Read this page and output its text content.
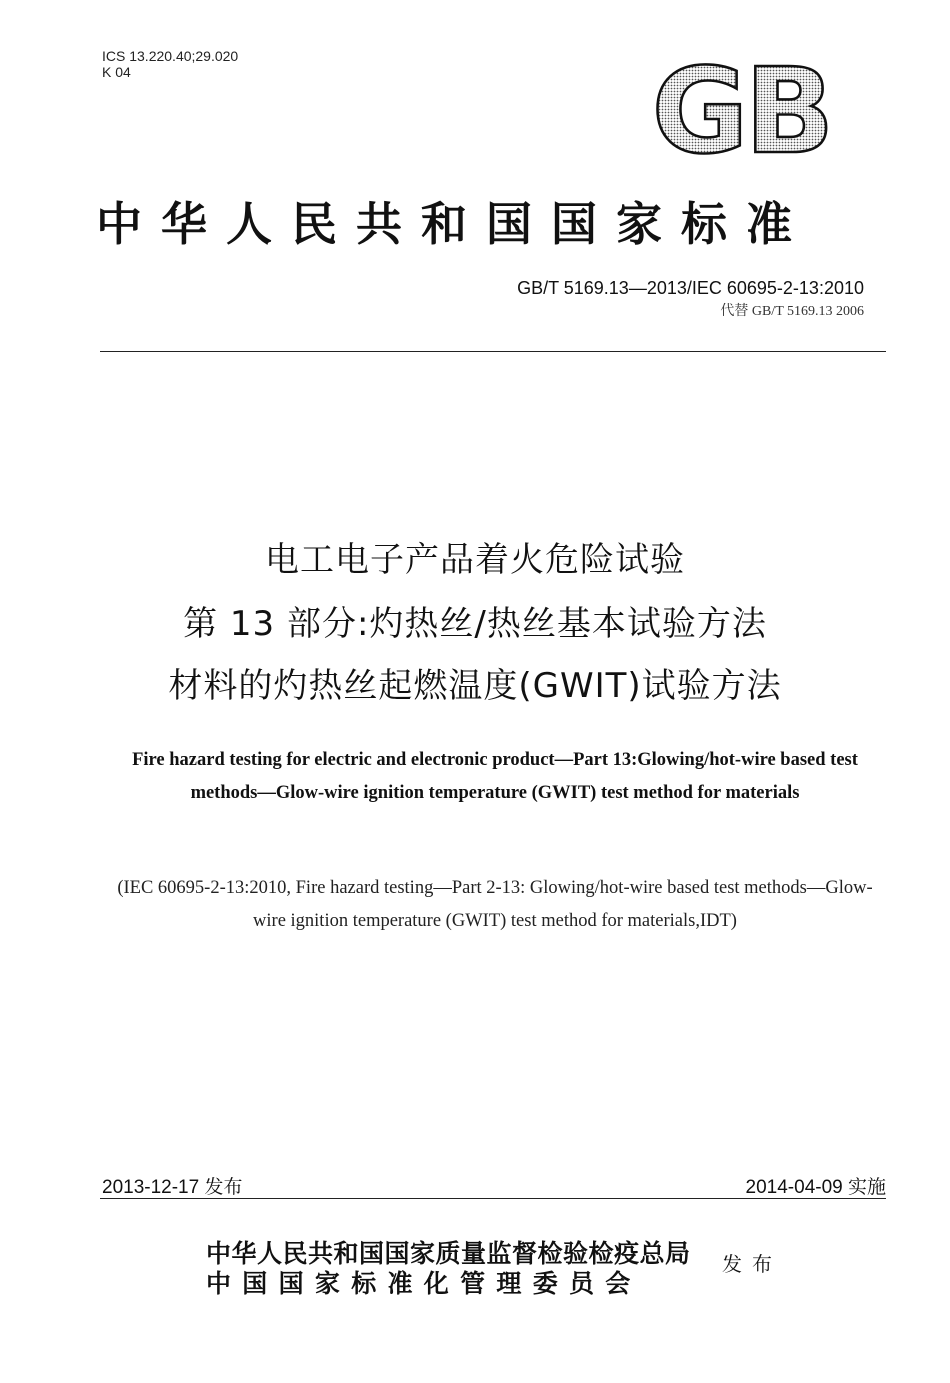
ICS 13.220.40;29.020
K 04	GB
中华人民共和国国家标准
GB/T 5169.13—2013/IEC 60695-2-13:2010
代替 GB/T 5169.13 2006
电工电子产品着火危险试验
第 13 部分:灼热丝/热丝基本试验方法
材料的灼热丝起燃温度(GWIT)试验方法
Fire hazard testing for electric and electronic product—Part 13:Glowing/hot-wire based test methods—Glow-wire ignition temperature (GWIT) test method for materials
(IEC 60695-2-13:2010, Fire hazard testing—Part 2-13: Glowing/hot-wire based test methods—Glow-wire ignition temperature (GWIT) test method for materials,IDT)
2013-12-17 发布	2014-04-09 实施
中华人民共和国国家质量监督检验检疫总局
中国国家标准化管理委员会
发布
